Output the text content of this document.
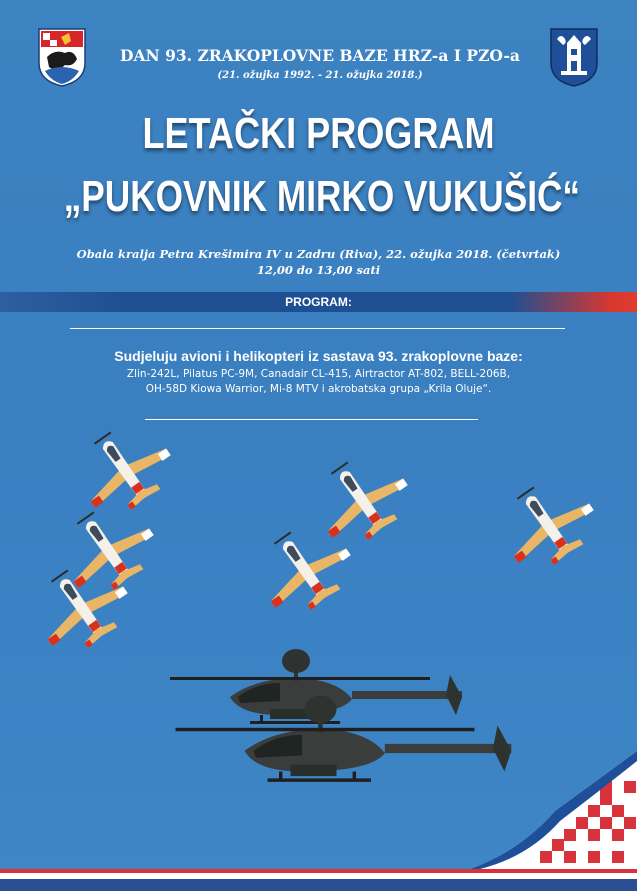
DAN 93. ZRAKOPLOVNE BAZE HRZ-a I PZO-a
(21. ožujka 1992. - 21. ožujka 2018.)
LETAČKI PROGRAM
„PUKOVNIK MIRKO VUKUŠIĆ“
Obala kralja Petra Krešimira IV u Zadru (Riva), 22. ožujka 2018. (četvrtak)
12,00 do 13,00 sati
PROGRAM:
Sudjeluju avioni i helikopteri iz sastava 93. zrakoplovne baze:
Zlin-242L, Pilatus PC-9M, Canadair CL-415, Airtractor AT-802, BELL-206B,
OH-58D Kiowa Warrior, Mi-8 MTV i akrobatska grupa „Krila Oluje“.
